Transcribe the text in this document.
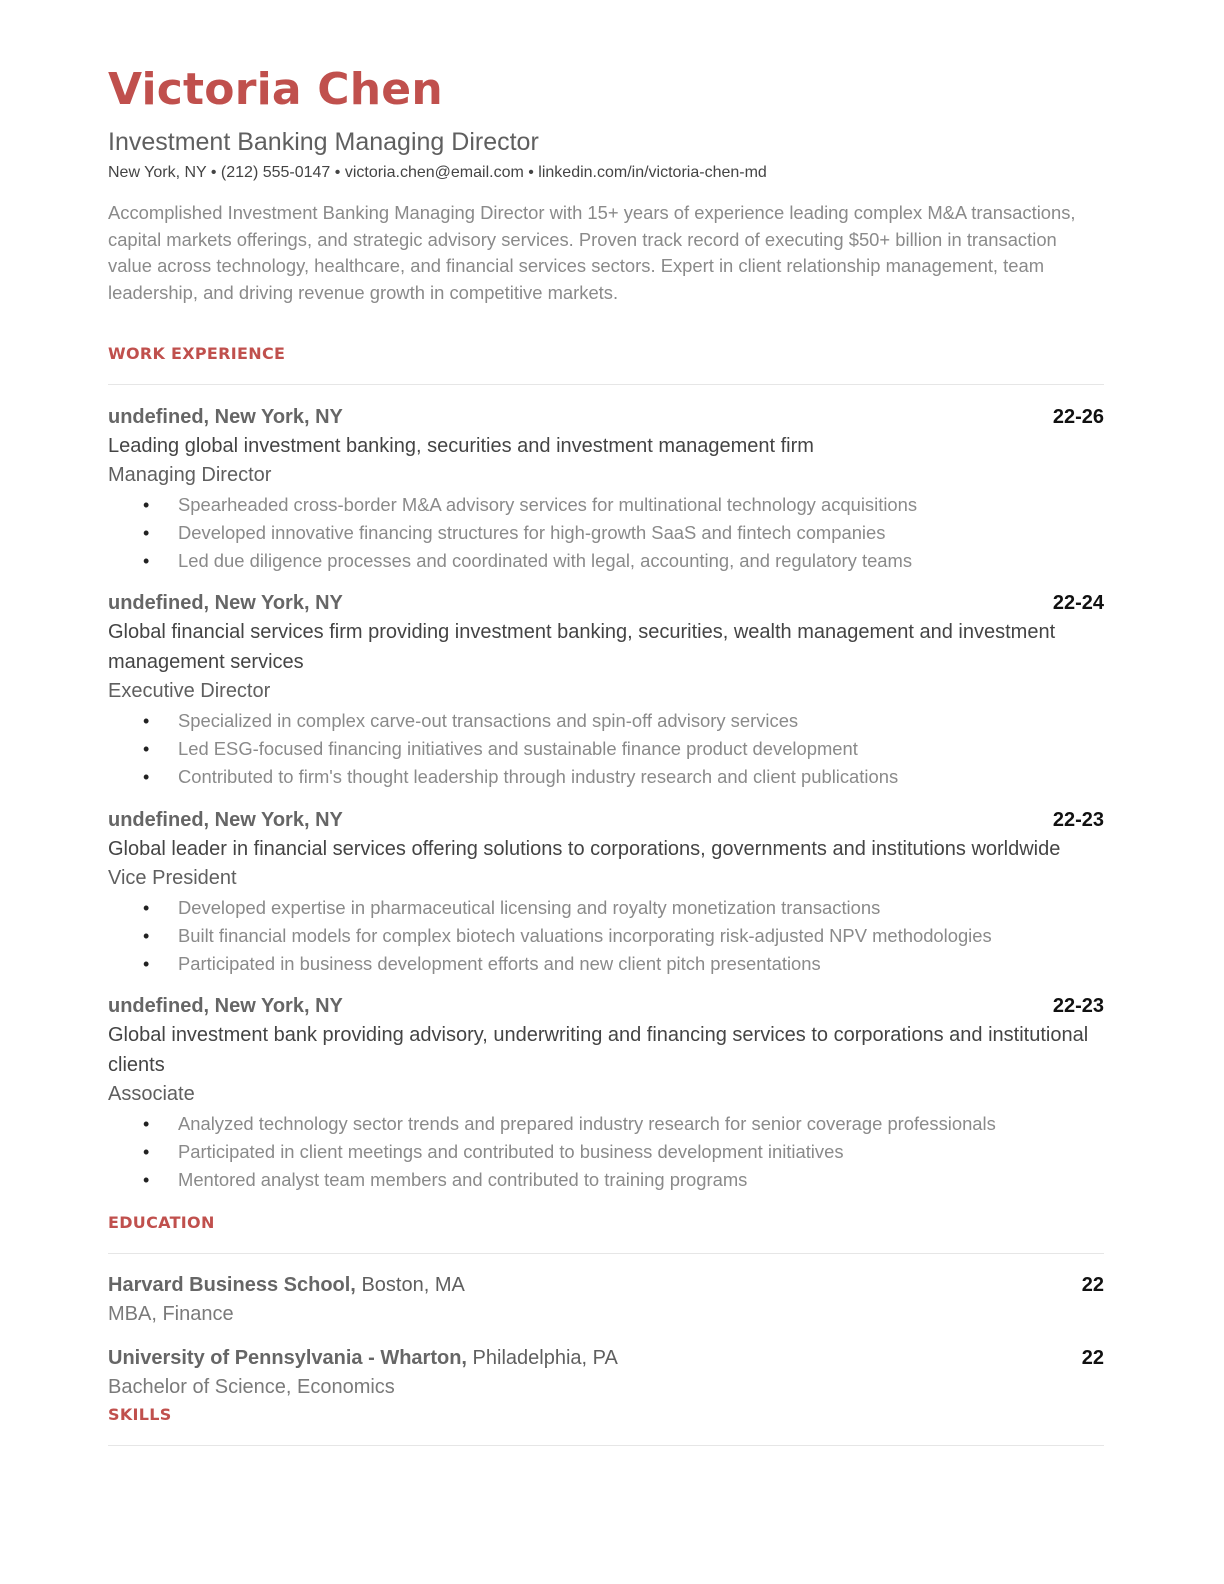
Victoria Chen
Investment Banking Managing Director
New York, NY • (212) 555-0147 • victoria.chen@email.com • linkedin.com/in/victoria-chen-md
Accomplished Investment Banking Managing Director with 15+ years of experience leading complex M&A transactions, capital markets offerings, and strategic advisory services. Proven track record of executing $50+ billion in transaction value across technology, healthcare, and financial services sectors. Expert in client relationship management, team leadership, and driving revenue growth in competitive markets.
WORK EXPERIENCE
undefined, New York, NY	22-26
Leading global investment banking, securities and investment management firm
Managing Director
• Spearheaded cross-border M&A advisory services for multinational technology acquisitions
• Developed innovative financing structures for high-growth SaaS and fintech companies
• Led due diligence processes and coordinated with legal, accounting, and regulatory teams
undefined, New York, NY	22-24
Global financial services firm providing investment banking, securities, wealth management and investment management services
Executive Director
• Specialized in complex carve-out transactions and spin-off advisory services
• Led ESG-focused financing initiatives and sustainable finance product development
• Contributed to firm's thought leadership through industry research and client publications
undefined, New York, NY	22-23
Global leader in financial services offering solutions to corporations, governments and institutions worldwide
Vice President
• Developed expertise in pharmaceutical licensing and royalty monetization transactions
• Built financial models for complex biotech valuations incorporating risk-adjusted NPV methodologies
• Participated in business development efforts and new client pitch presentations
undefined, New York, NY	22-23
Global investment bank providing advisory, underwriting and financing services to corporations and institutional clients
Associate
• Analyzed technology sector trends and prepared industry research for senior coverage professionals
• Participated in client meetings and contributed to business development initiatives
• Mentored analyst team members and contributed to training programs
EDUCATION
Harvard Business School, Boston, MA	22
MBA, Finance
University of Pennsylvania - Wharton, Philadelphia, PA	22
Bachelor of Science, Economics
SKILLS
